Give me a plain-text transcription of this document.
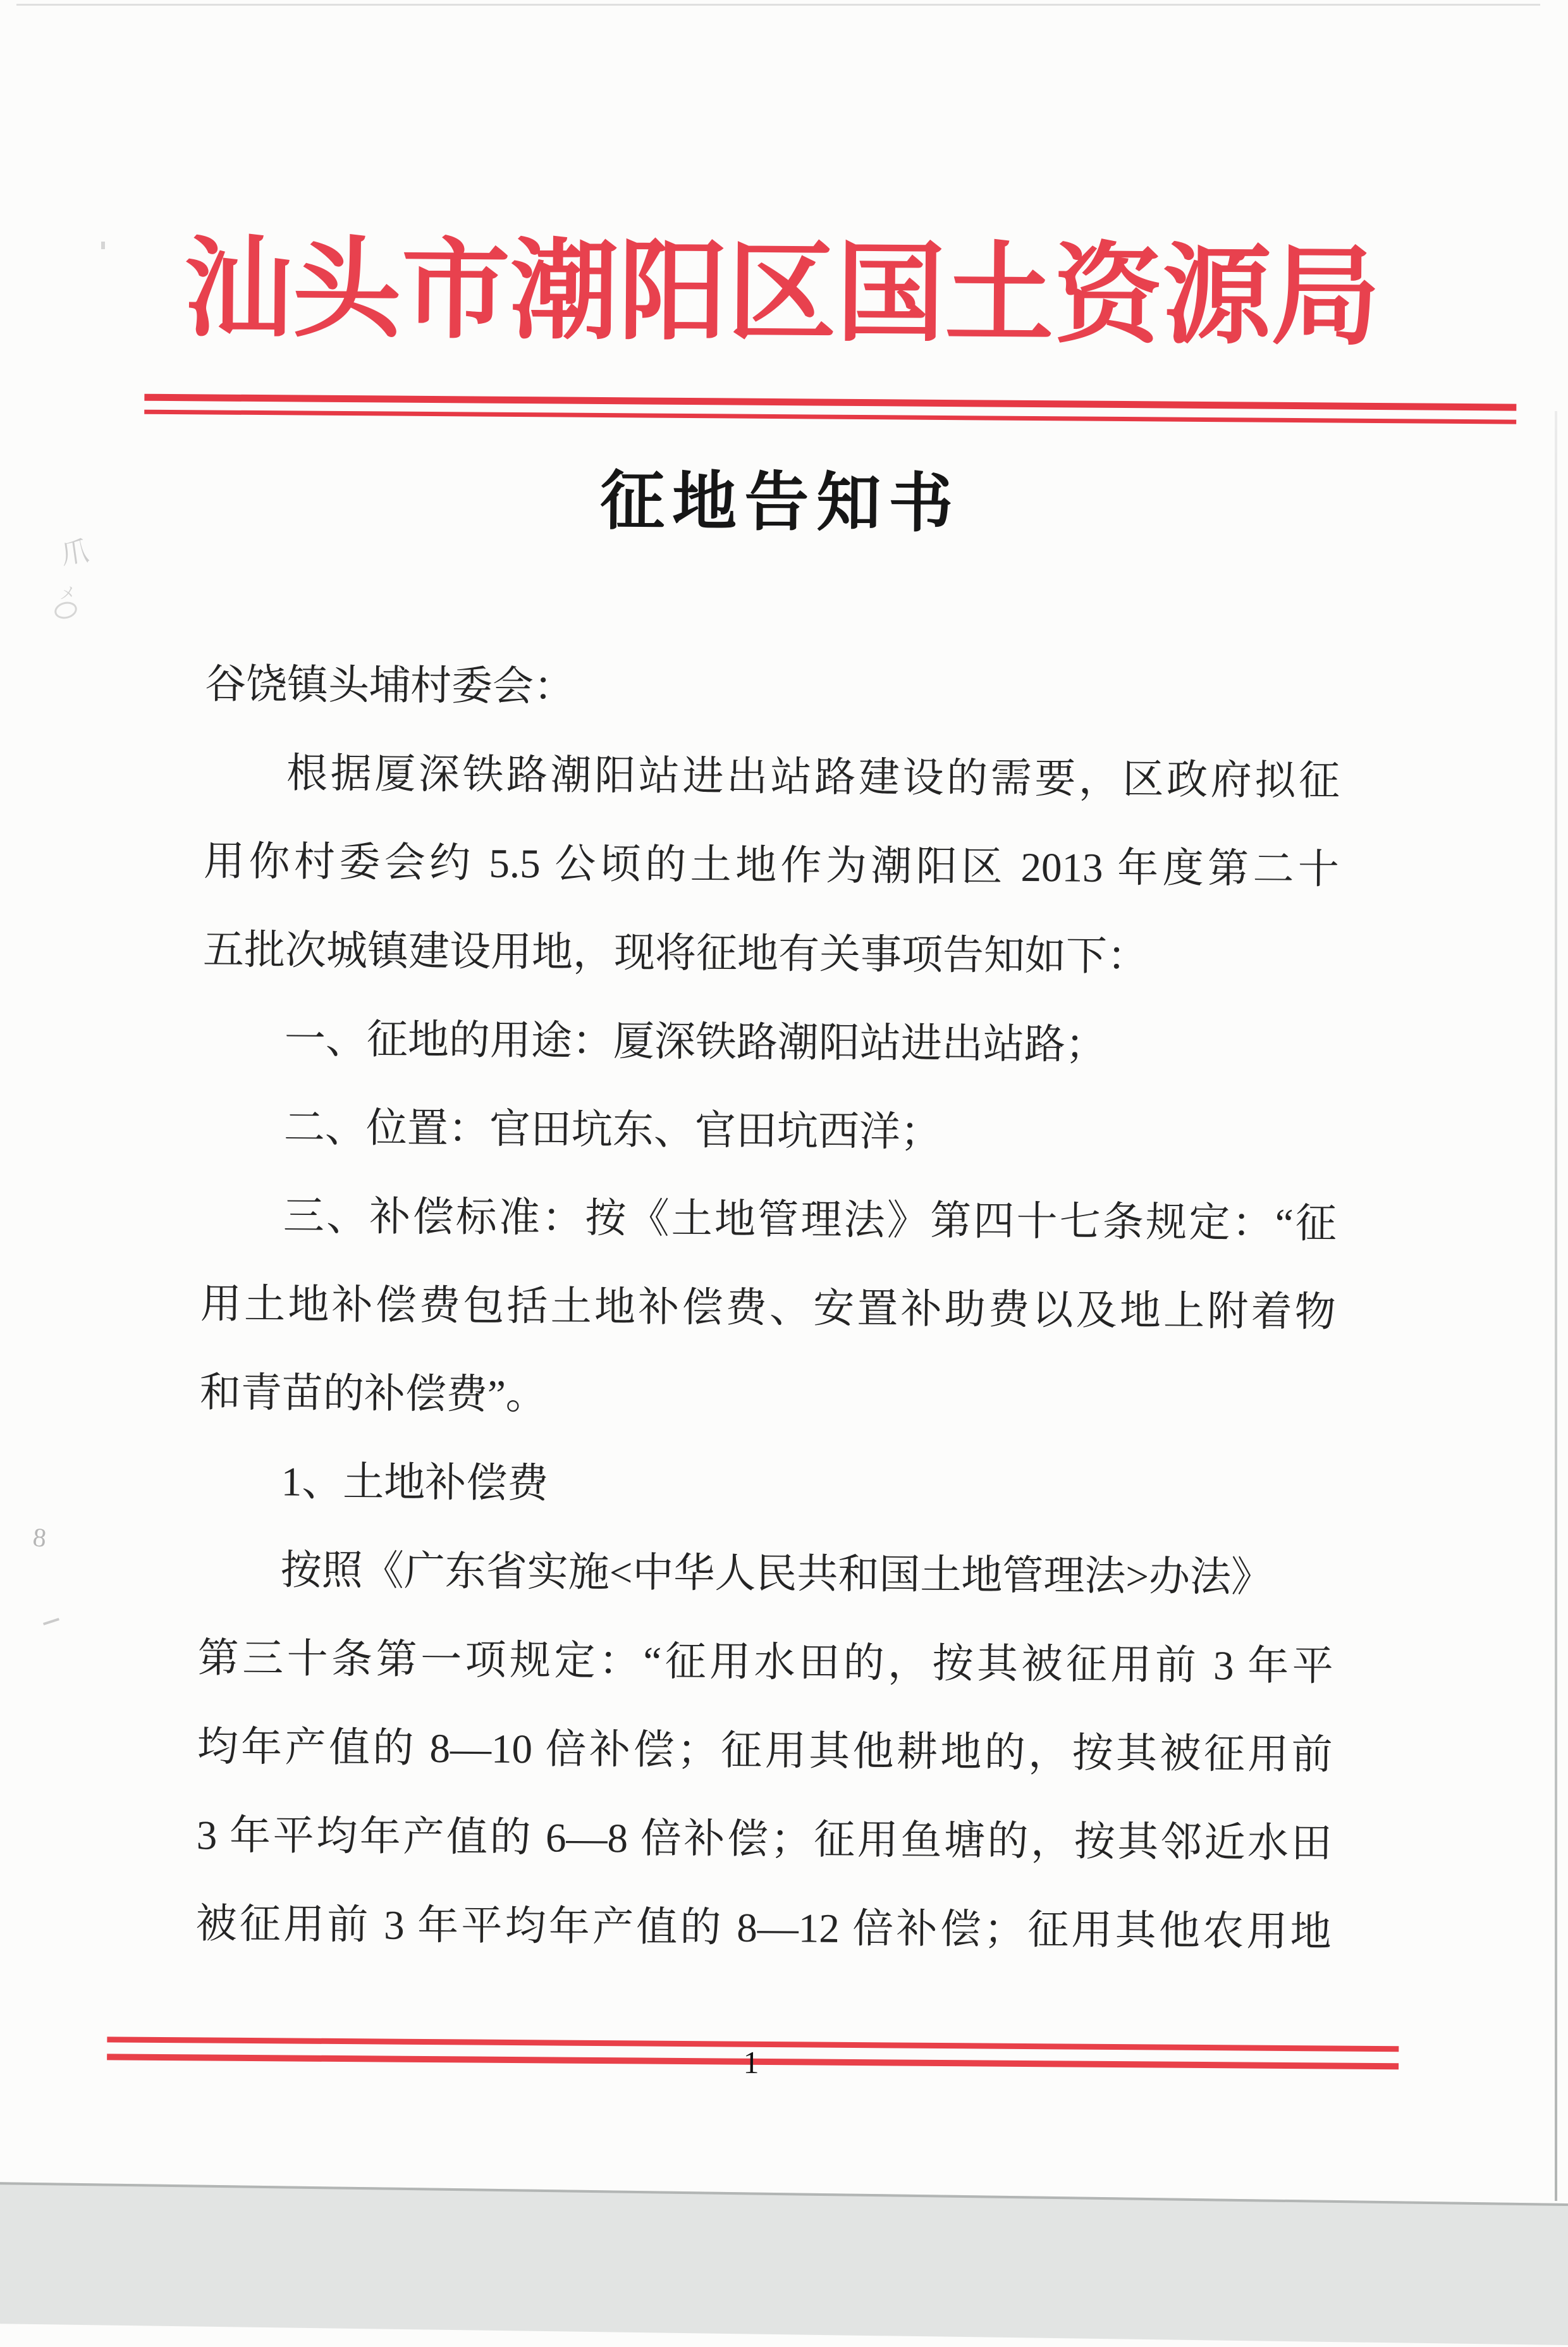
汕头市潮阳区国土资源局
征地告知书
谷饶镇头埔村委会：
根据厦深铁路潮阳站进出站路建设的需要，区政府拟征
用你村委会约 5.5 公顷的土地作为潮阳区 2013 年度第二十
五批次城镇建设用地，现将征地有关事项告知如下：
一、征地的用途：厦深铁路潮阳站进出站路；
二、位置：官田坑东、官田坑西洋；
三、补偿标准：按《土地管理法》第四十七条规定：“征
用土地补偿费包括土地补偿费、安置补助费以及地上附着物
和青苗的补偿费”。
1、土地补偿费
按照《广东省实施<中华人民共和国土地管理法>办法》
第三十条第一项规定：“征用水田的，按其被征用前 3 年平
均年产值的 8—10 倍补偿；征用其他耕地的，按其被征用前
3 年平均年产值的 6—8 倍补偿；征用鱼塘的，按其邻近水田
被征用前 3 年平均年产值的 8—12 倍补偿；征用其他农用地
1
爪
メ
8
